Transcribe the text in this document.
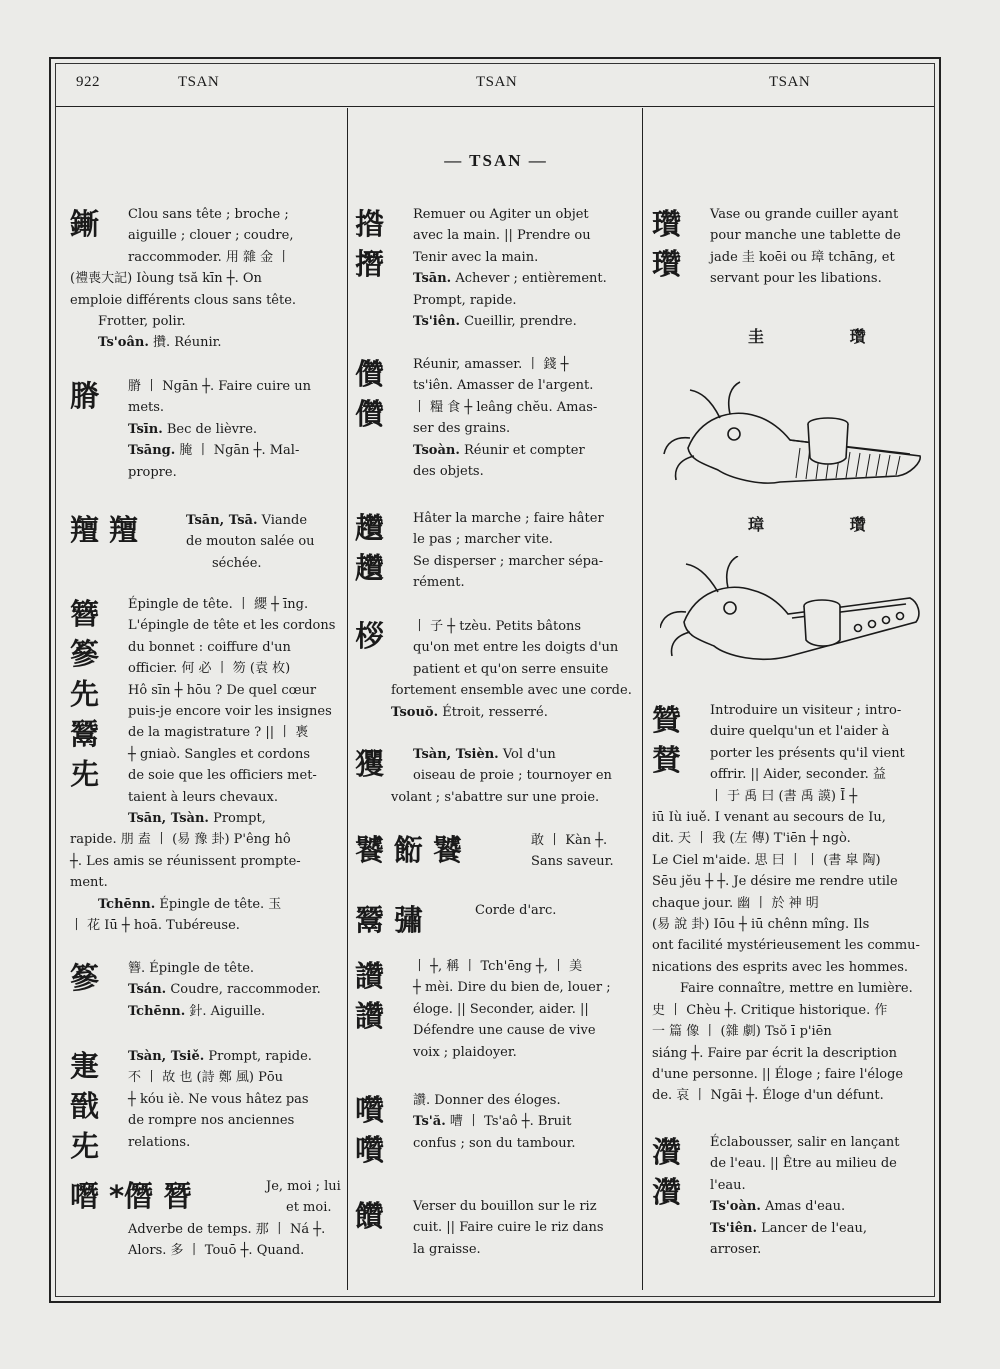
922	TSAN	TSAN	TSAN
鏩	Clou sans tête ; broche ;
aiguille ; clouer ; coudre,
raccommoder. 用 雜 金 丨
(禮喪大記) Iòung tsă kīn ┼. On
emploie différents clous sans tête.
Frotter, polir.
Ts'oân. 攢. Réunir.
膌	膌 丨 Ngān ┼. Faire cuire un
mets.
Tsīn. Bec de lièvre.
Tsāng. 腌 丨 Ngān ┼. Mal-
propre.
羶 羶	Tsān, Tsā. Viande
de mouton salée ou
séchée.
簪
篸
先
鬵
兂
Épingle de tête. 丨 纓 ┼ īng.
L'épingle de tête et les cordons
du bonnet : coiffure d'un
officier. 何 必 丨 笏 (袁 枚)
Hô sīn ┼ hōu ? De quel cœur
puis-je encore voir les insignes
de la magistrature ? || 丨 褭
┼ gniaò. Sangles et cordons
de soie que les officiers met-
taient à leurs chevaux.
Tsān, Tsàn. Prompt,
rapide. 朋 盍 丨 (易 豫 卦) P'êng hô
┼. Les amis se réunissent prompte-
ment.
Tchēnn. Épingle de tête. 玉
丨 花 Iū ┼ hoā. Tubéreuse.
篸	簪. Épingle de tête.
Tsán. Coudre, raccommoder.
Tchēnn. 針. Aiguille.
寁
戩
兂
Tsàn, Tsiě. Prompt, rapide.
不 丨 故 也 (詩 鄭 風) Pōu
┼ kóu iè. Ne vous hâtez pas
de rompre nos anciennes
relations.
噆 *僭 朁	Je, moi ; lui
et moi.
Adverbe de temps. 那 丨 Ná ┼.
Alors. 多 丨 Touō ┼. Quand.
— TSAN —
揝
撍
Remuer ou Agiter un objet
avec la main. || Prendre ou
Tenir avec la main.
Tsān. Achever ; entièrement.
Prompt, rapide.
Ts'iên. Cueillir, prendre.
儹
儹
Réunir, amasser. 丨 錢 ┼
ts'iên. Amasser de l'argent.
丨 糧 食 ┼ leâng chĕu. Amas-
ser des grains.
Tsoàn. Réunir et compter
des objets.
趲
趲
Hâter la marche ; faire hâter
le pas ; marcher vite.
Se disperser ; marcher sépa-
rément.
桚	丨 子 ┼ tzèu. Petits bâtons
qu'on met entre les doigts d'un
patient et qu'on serre ensuite
fortement ensemble avec une corde.
Tsouŏ. Étroit, resserré.
玃	Tsàn, Tsièn. Vol d'un
oiseau de proie ; tournoyer en
volant ; s'abattre sur une proie.
饕 餰 饕	敢 丨 Kàn ┼.
Sans saveur.
鬵 彇	Corde d'arc.
讚
讚
丨 ┼, 稱 丨 Tch'ēng ┼, 丨 美
┼ mèi. Dire du bien de, louer ;
éloge. || Seconder, aider. ||
Défendre une cause de vive
voix ; plaidoyer.
囋
囋
讚. Donner des éloges.
Ts'ă. 嘈 丨 Ts'aô ┼. Bruit
confus ; son du tambour.
饡	Verser du bouillon sur le riz
cuit. || Faire cuire le riz dans
la graisse.
瓚
瓚
Vase ou grande cuiller ayant
pour manche une tablette de
jade 圭 koēi ou 璋 tchāng, et
servant pour les libations.
圭 瓚
璋 瓚
贊
賛
Introduire un visiteur ; intro-
duire quelqu'un et l'aider à
porter les présents qu'il vient
offrir. || Aider, seconder. 益
丨 于 禹 曰 (書 禹 謨) Ī ┼
iū Iù iuě. I venant au secours de Iu,
dit. 天 丨 我 (左 傳) T'iēn ┼ ngò.
Le Ciel m'aide. 思 曰 丨 丨 (書 皐 陶)
Sēu jĕu ┼ ┼. Je désire me rendre utile
chaque jour. 幽 丨 於 神 明
(易 說 卦) Iōu ┼ iū chênn mîng. Ils
ont facilité mystérieusement les commu-
nications des esprits avec les hommes.
Faire connaître, mettre en lumière.
史 丨 Chèu ┼. Critique historique. 作
一 篇 像 丨 (雜 劇) Tsŏ ī p'iēn
siáng ┼. Faire par écrit la description
d'une personne. || Éloge ; faire l'éloge
de. 哀 丨 Ngāi ┼. Éloge d'un défunt.
灒
灒
Éclabousser, salir en lançant
de l'eau. || Être au milieu de
l'eau.
Ts'oàn. Amas d'eau.
Ts'iên. Lancer de l'eau,
arroser.
